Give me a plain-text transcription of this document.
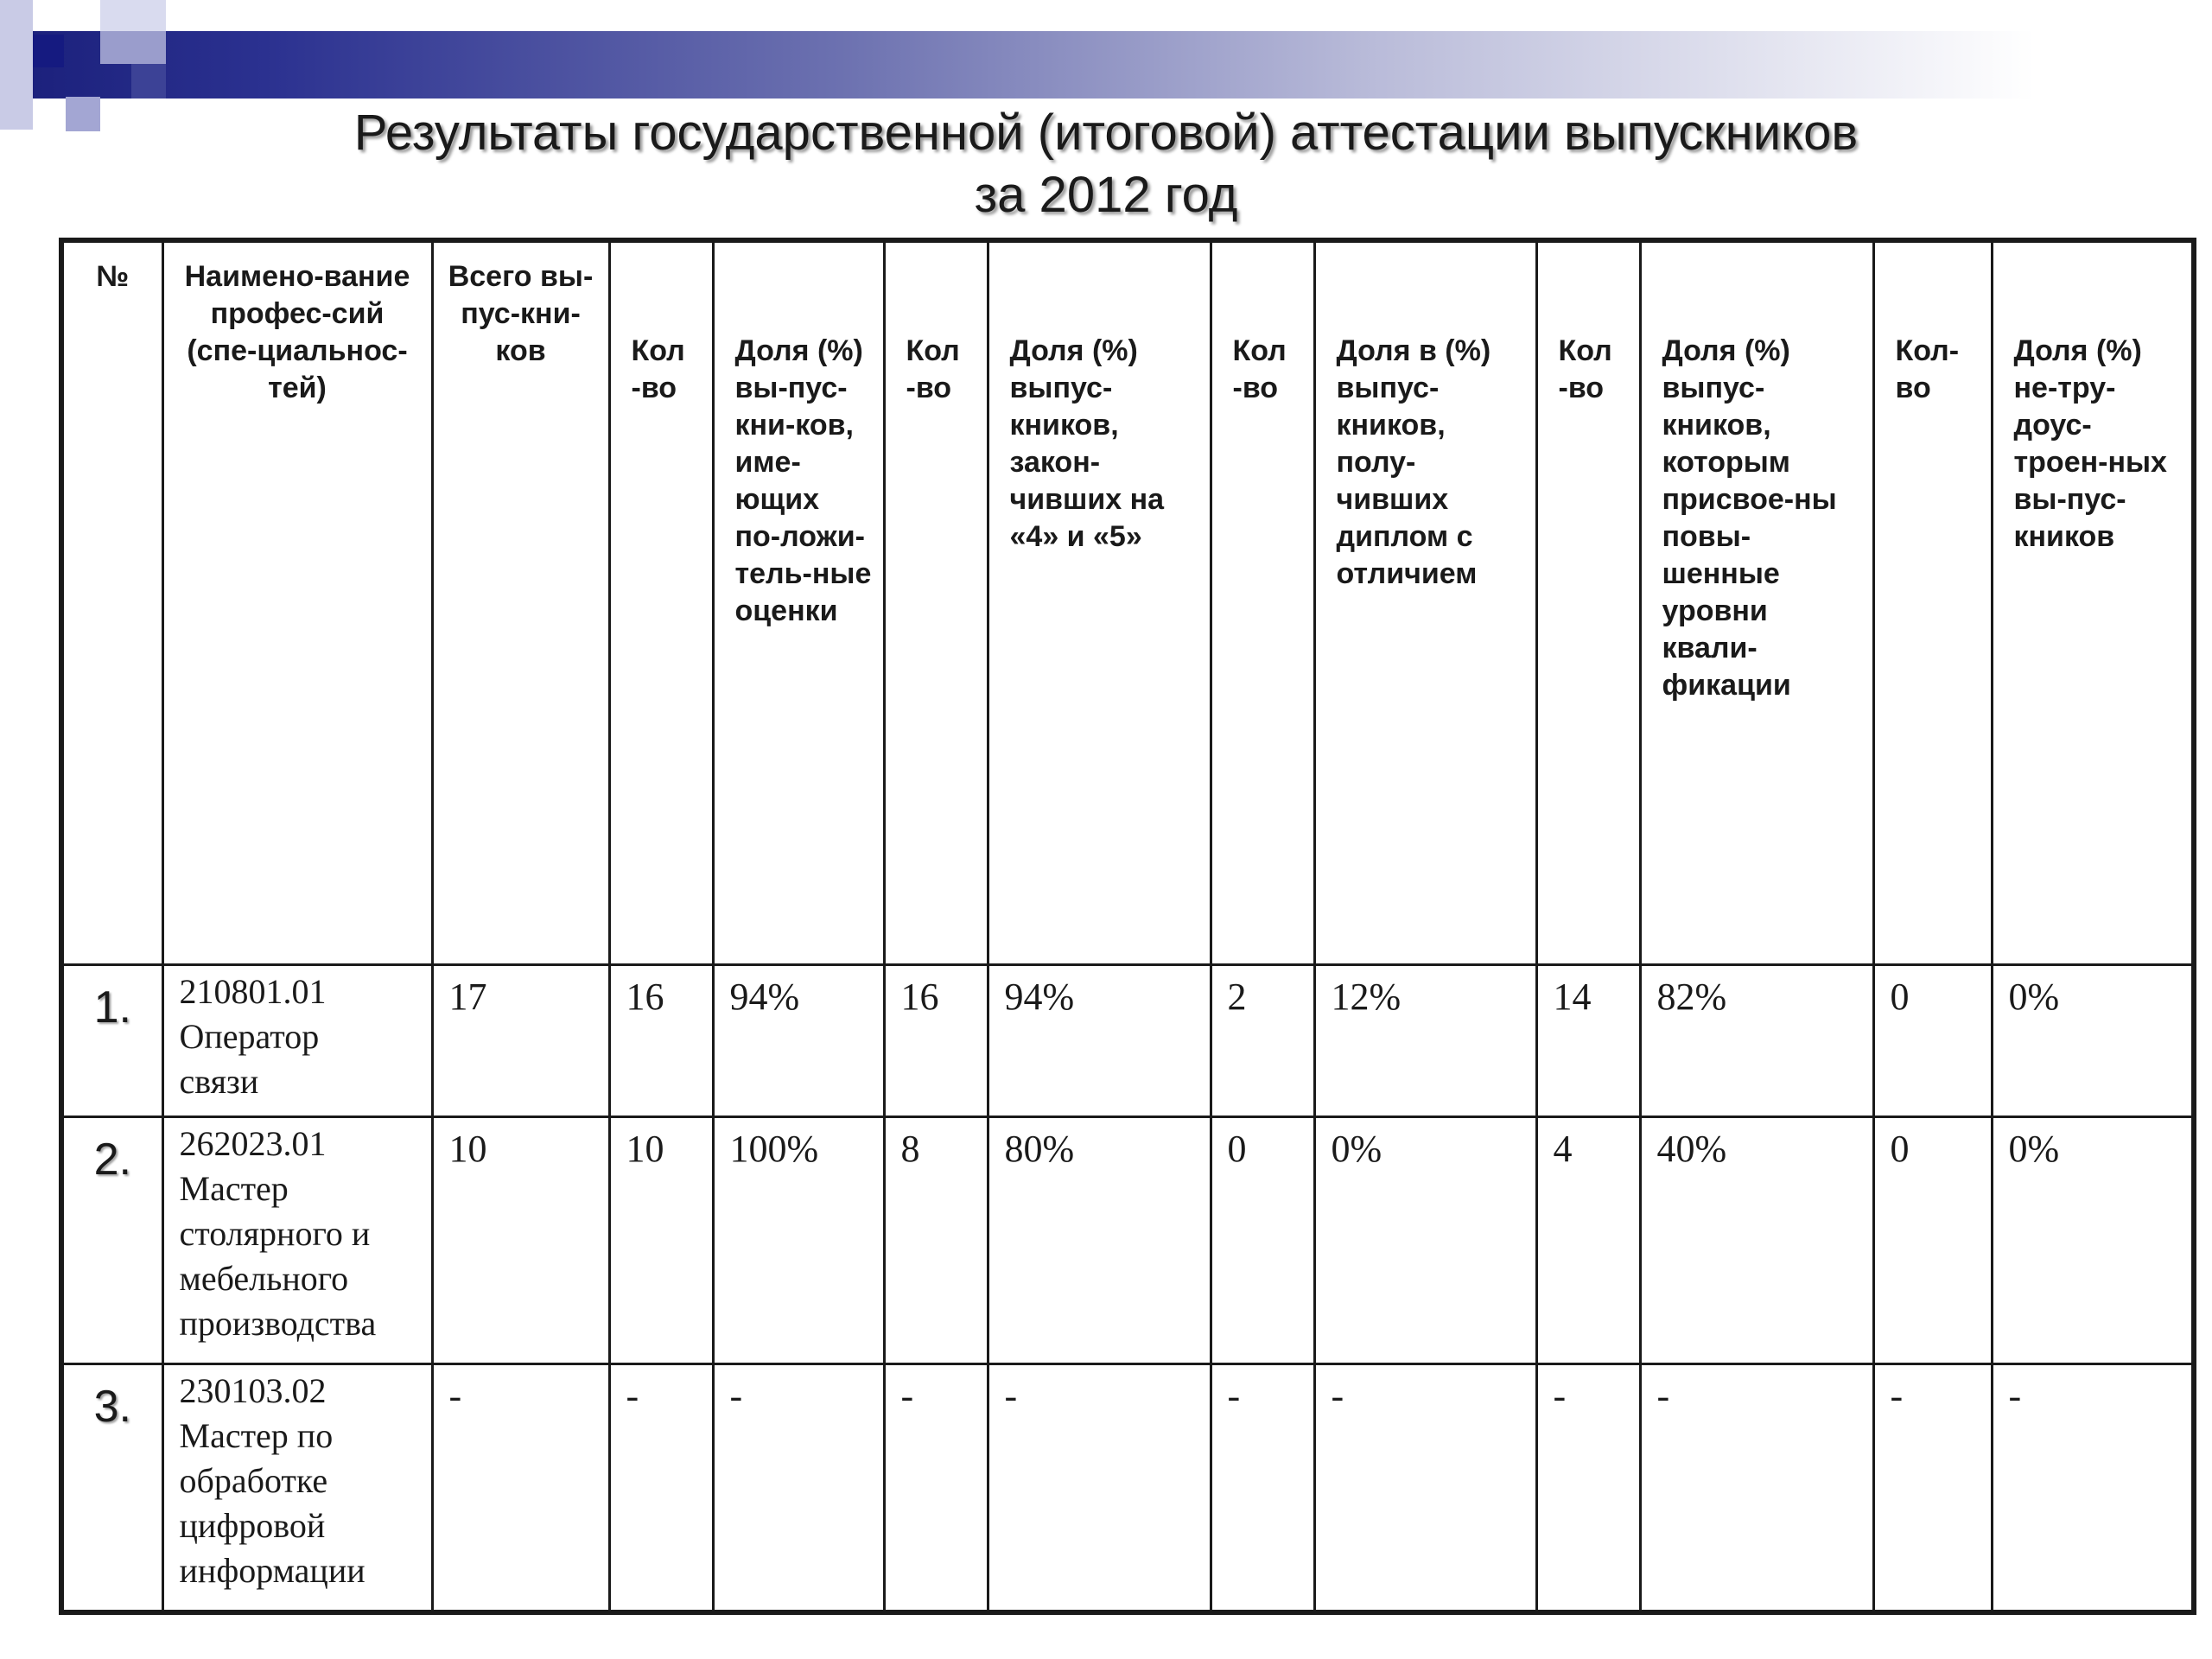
Результаты государственной (итоговой) аттестации выпускников
за 2012 год
№	Наимено-вание профес-сий (спе-циальнос-тей)	Всего вы-пус-кни-ков	Кол -во	Доля (%) вы-пус-кни-ков, име-ющих по-ложи-тель-ные оценки	Кол -во	Доля (%) выпус-кников, закон-чивших на «4» и «5»	Кол -во	Доля в (%) выпус-кников, полу-чивших диплом с отличием	Кол -во	Доля (%) выпус-кников, которым присвое-ны повы-шенные уровни квали-фикации	Кол-во	Доля (%) не-тру-доус-троен-ных вы-пус-кников
1.	210801.01
Оператор
связи	17	16	94%	16	94%	2	12%	14	82%	0	0%
2.	262023.01
Мастер
столярного и
мебельного
производства	10	10	100%	8	80%	0	0%	4	40%	0	0%
3.	230103.02
Мастер по
обработке
цифровой
информации	-	-	-	-	-	-	-	-	-	-	-
